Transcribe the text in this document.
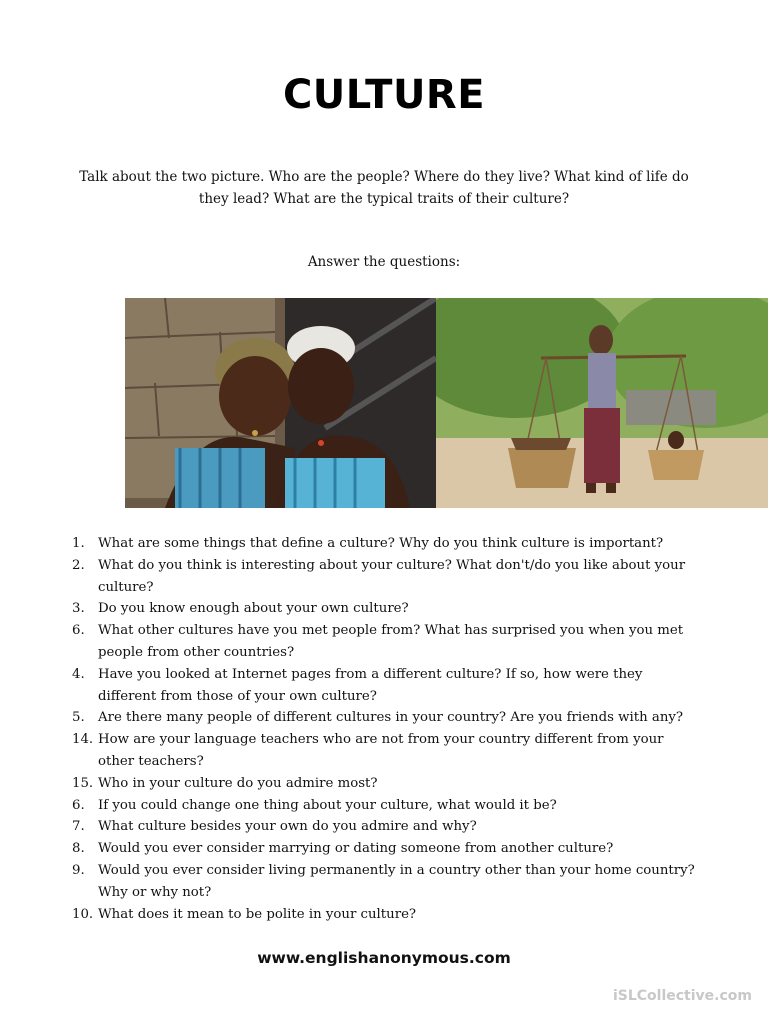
CULTURE
Talk about the two picture. Who are the people? Where do they live? What kind of life do they lead? What are the typical traits of their culture?
Answer the questions:
1.	What are some things that define a culture? Why do you think culture is important?
2.	What do you think is interesting about your culture? What don't/do you like about your culture?
3.	Do you know enough about your own culture?
6.	What other cultures have you met people from? What has surprised you when you met people from other countries?
4.	Have you looked at Internet pages from a different culture? If so, how were they different from those of your own culture?
5.	Are there many people of different cultures in your country? Are you friends with any?
14. How are your language teachers who are not from your country different from your other teachers?
15. Who in your culture do you admire most?
6.	If you could change one thing about your culture, what would it be?
7.	What culture besides your own do you admire and why?
8.	Would you ever consider marrying or dating someone from another culture?
9.	Would you ever consider living permanently in a country other than your home country? Why or why not?
10. What does it mean to be polite in your culture?
www.englishanonymous.com
iSLCollective.com
